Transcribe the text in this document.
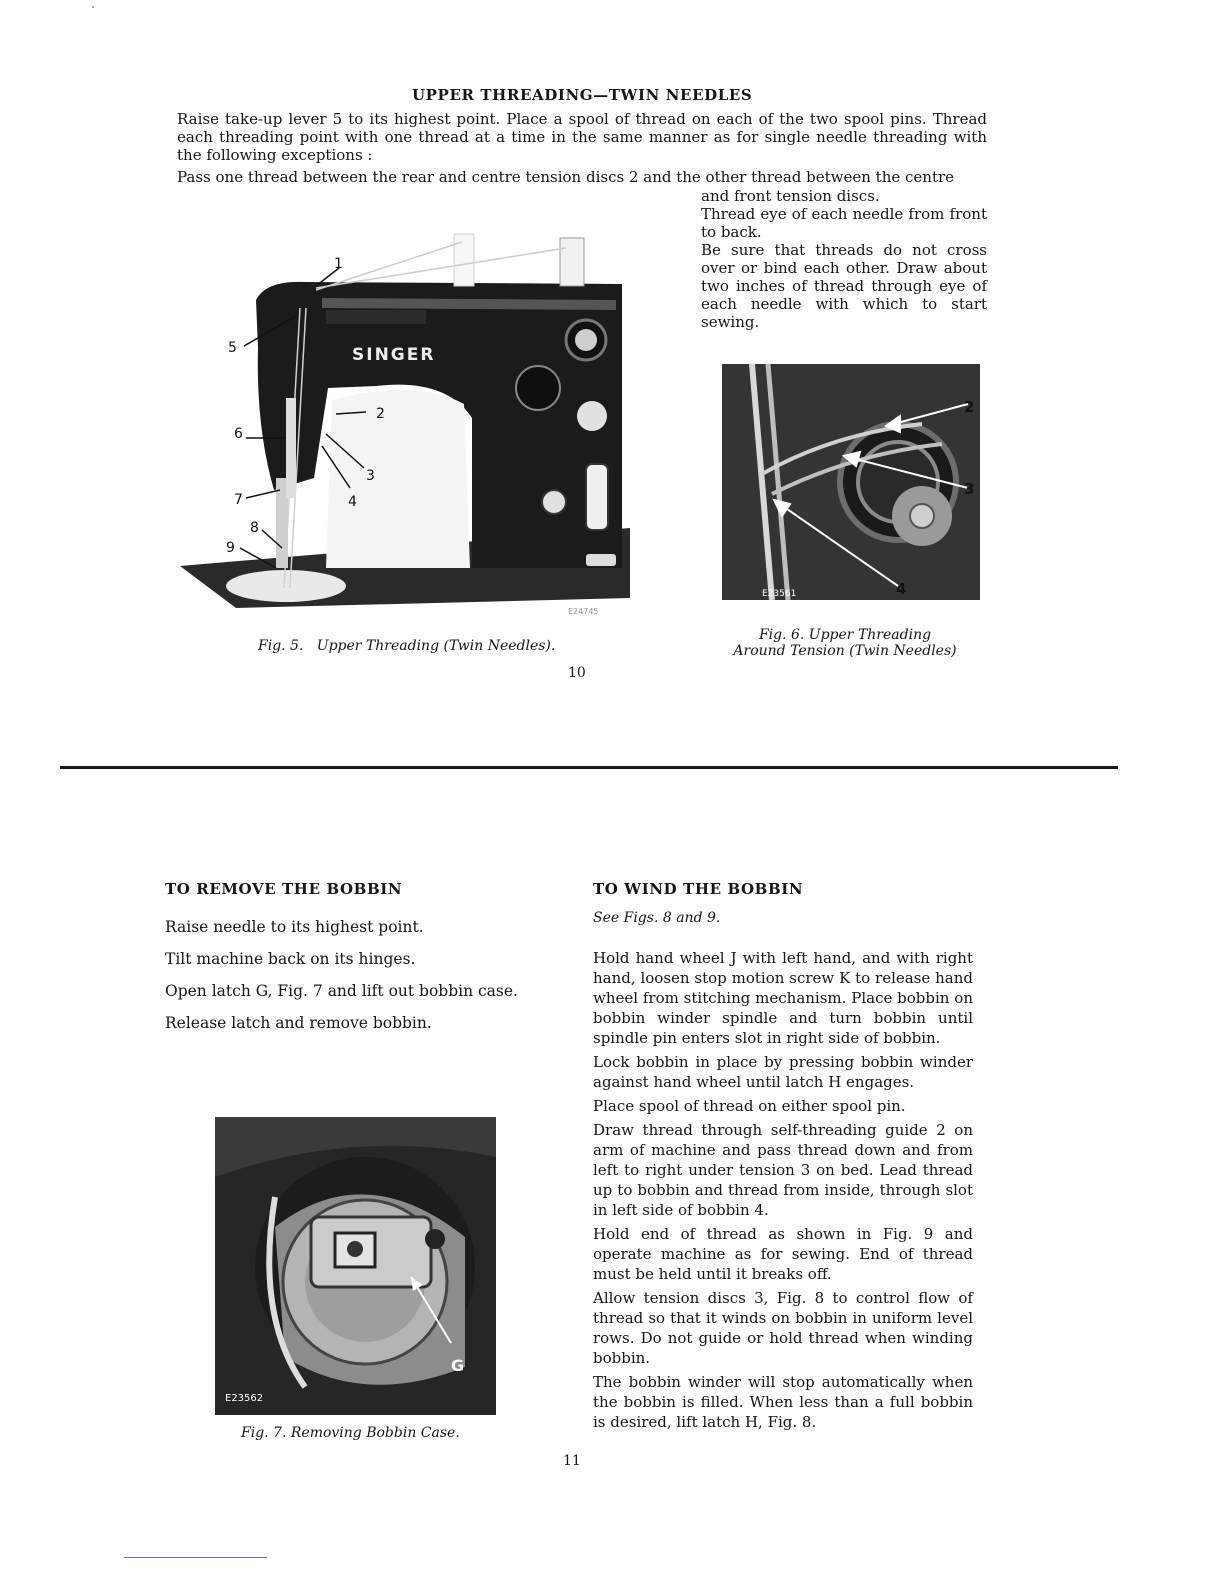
UPPER THREADING—TWIN NEEDLES

Raise take-up lever 5 to its highest point. Place a spool of thread on each of the two spool pins. Thread each threading point with one thread at a time in the same manner as for single needle threading with the following exceptions :

Pass one thread between the rear and centre tension discs 2 and the other thread between the centre

and front tension discs.

Thread eye of each needle from front to back.

Be sure that threads do not cross over or bind each other. Draw about two inches of thread through eye of each needle with which to start sewing.

SINGER
1
2
3
4
5
6
7
8
9
E24745
2
3
4
E23561
Fig. 5. Upper Threading (Twin Needles).
Fig. 6. Upper Threading
Around Tension (Twin Needles)
10
TO REMOVE THE BOBBIN

Raise needle to its highest point.

Tilt machine back on its hinges.

Open latch G, Fig. 7 and lift out bobbin case.

Release latch and remove bobbin.

G
E23562
Fig. 7. Removing Bobbin Case.
11
TO WIND THE BOBBIN
See Figs. 8 and 9.

Hold hand wheel J with left hand, and with right hand, loosen stop motion screw K to release hand wheel from stitching mechanism. Place bobbin on bobbin winder spindle and turn bobbin until spindle pin enters slot in right side of bobbin.

Lock bobbin in place by pressing bobbin winder against hand wheel until latch H engages.

Place spool of thread on either spool pin.

Draw thread through self-threading guide 2 on arm of machine and pass thread down and from left to right under tension 3 on bed. Lead thread up to bobbin and thread from inside, through slot in left side of bobbin 4.

Hold end of thread as shown in Fig. 9 and operate machine as for sewing. End of thread must be held until it breaks off.

Allow tension discs 3, Fig. 8 to control flow of thread so that it winds on bobbin in uniform level rows. Do not guide or hold thread when winding bobbin.

The bobbin winder will stop automatically when the bobbin is filled. When less than a full bobbin is desired, lift latch H, Fig. 8.
